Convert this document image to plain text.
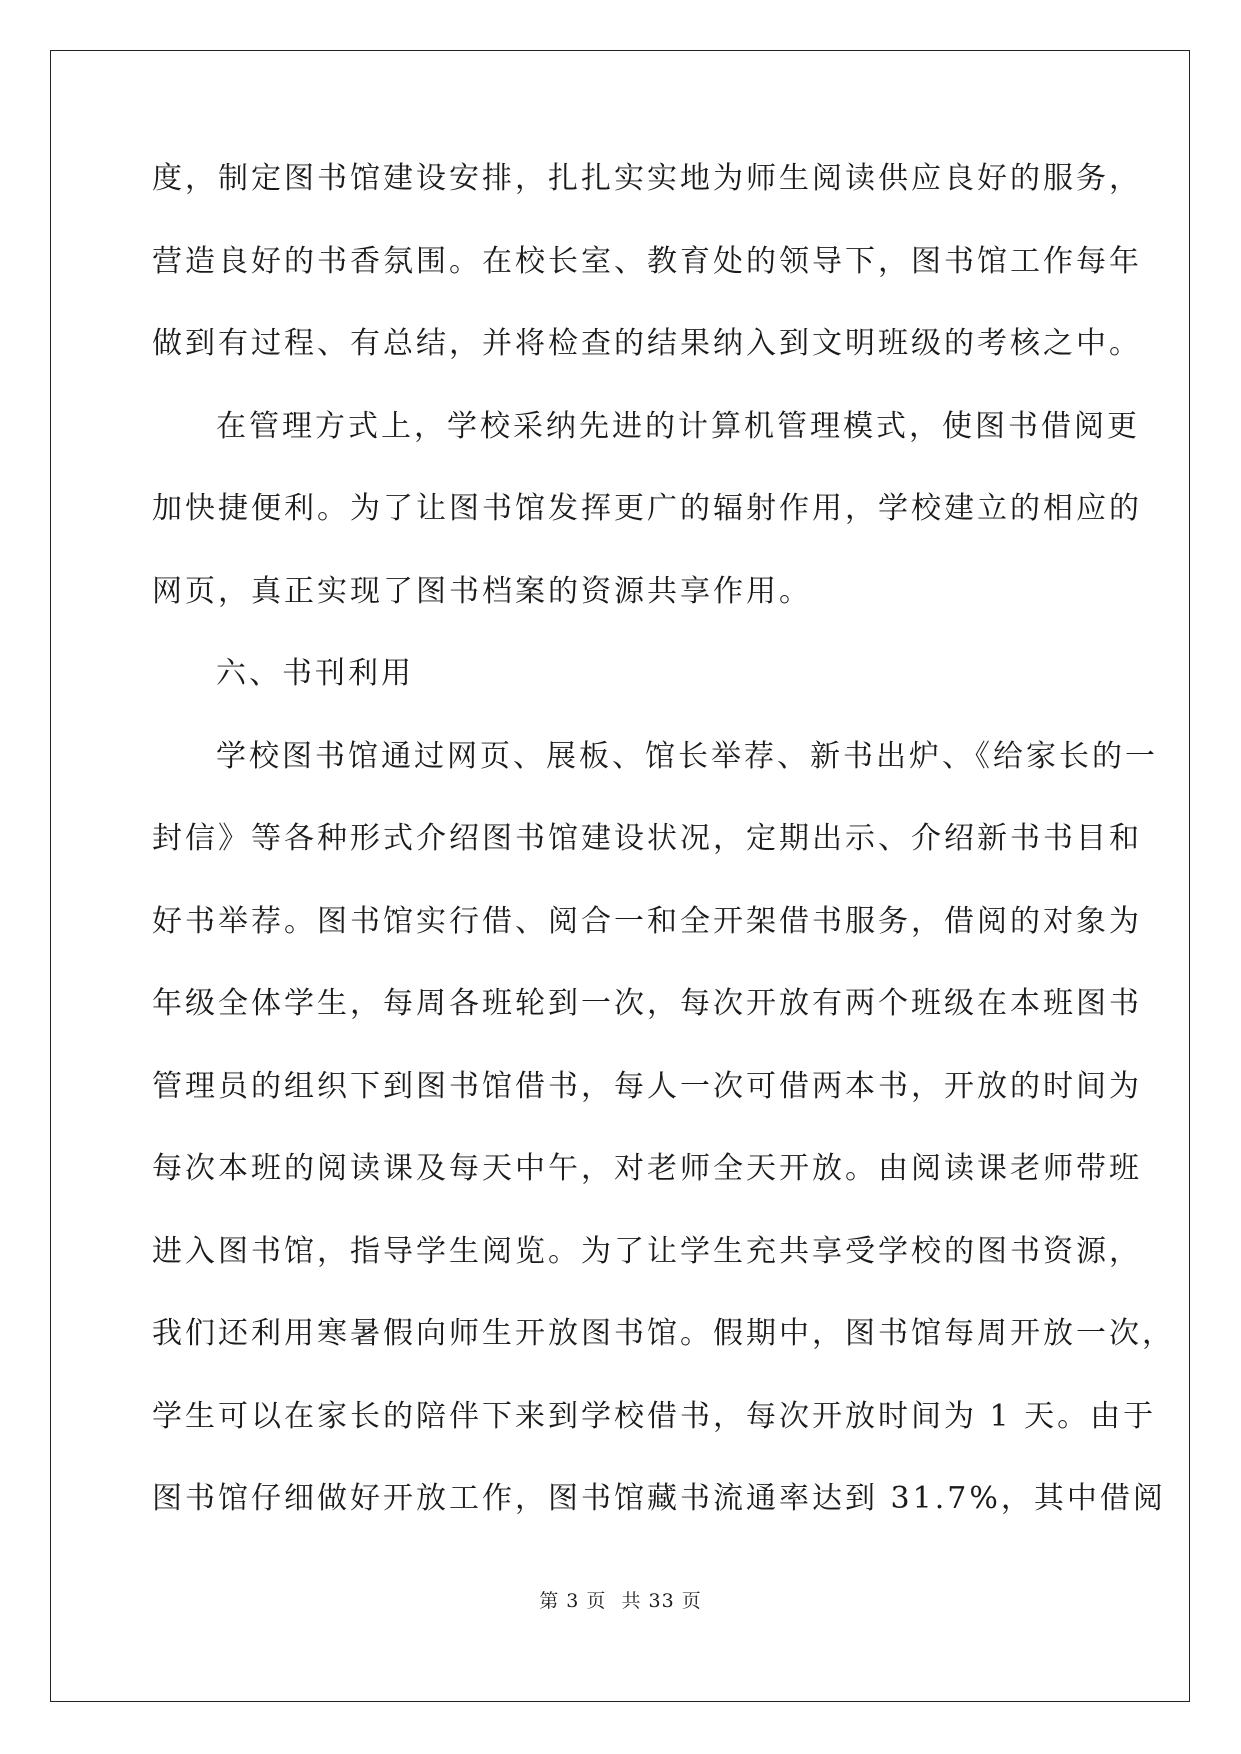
度，制定图书馆建设安排，扎扎实实地为师生阅读供应良好的服务，
营造良好的书香氛围。在校长室、教育处的领导下，图书馆工作每年
做到有过程、有总结，并将检查的结果纳入到文明班级的考核之中。
在管理方式上，学校采纳先进的计算机管理模式，使图书借阅更
加快捷便利。为了让图书馆发挥更广的辐射作用，学校建立的相应的
网页，真正实现了图书档案的资源共享作用。
六、书刊利用
学校图书馆通过网页、展板、馆长举荐、新书出炉、《给家长的一
封信》等各种形式介绍图书馆建设状况，定期出示、介绍新书书目和
好书举荐。图书馆实行借、阅合一和全开架借书服务，借阅的对象为
年级全体学生，每周各班轮到一次，每次开放有两个班级在本班图书
管理员的组织下到图书馆借书，每人一次可借两本书，开放的时间为
每次本班的阅读课及每天中午，对老师全天开放。由阅读课老师带班
进入图书馆，指导学生阅览。为了让学生充共享受学校的图书资源，
我们还利用寒暑假向师生开放图书馆。假期中，图书馆每周开放一次，
学生可以在家长的陪伴下来到学校借书，每次开放时间为 1 天。由于
图书馆仔细做好开放工作，图书馆藏书流通率达到 31.7%，其中借阅
第 3 页 共 33 页
